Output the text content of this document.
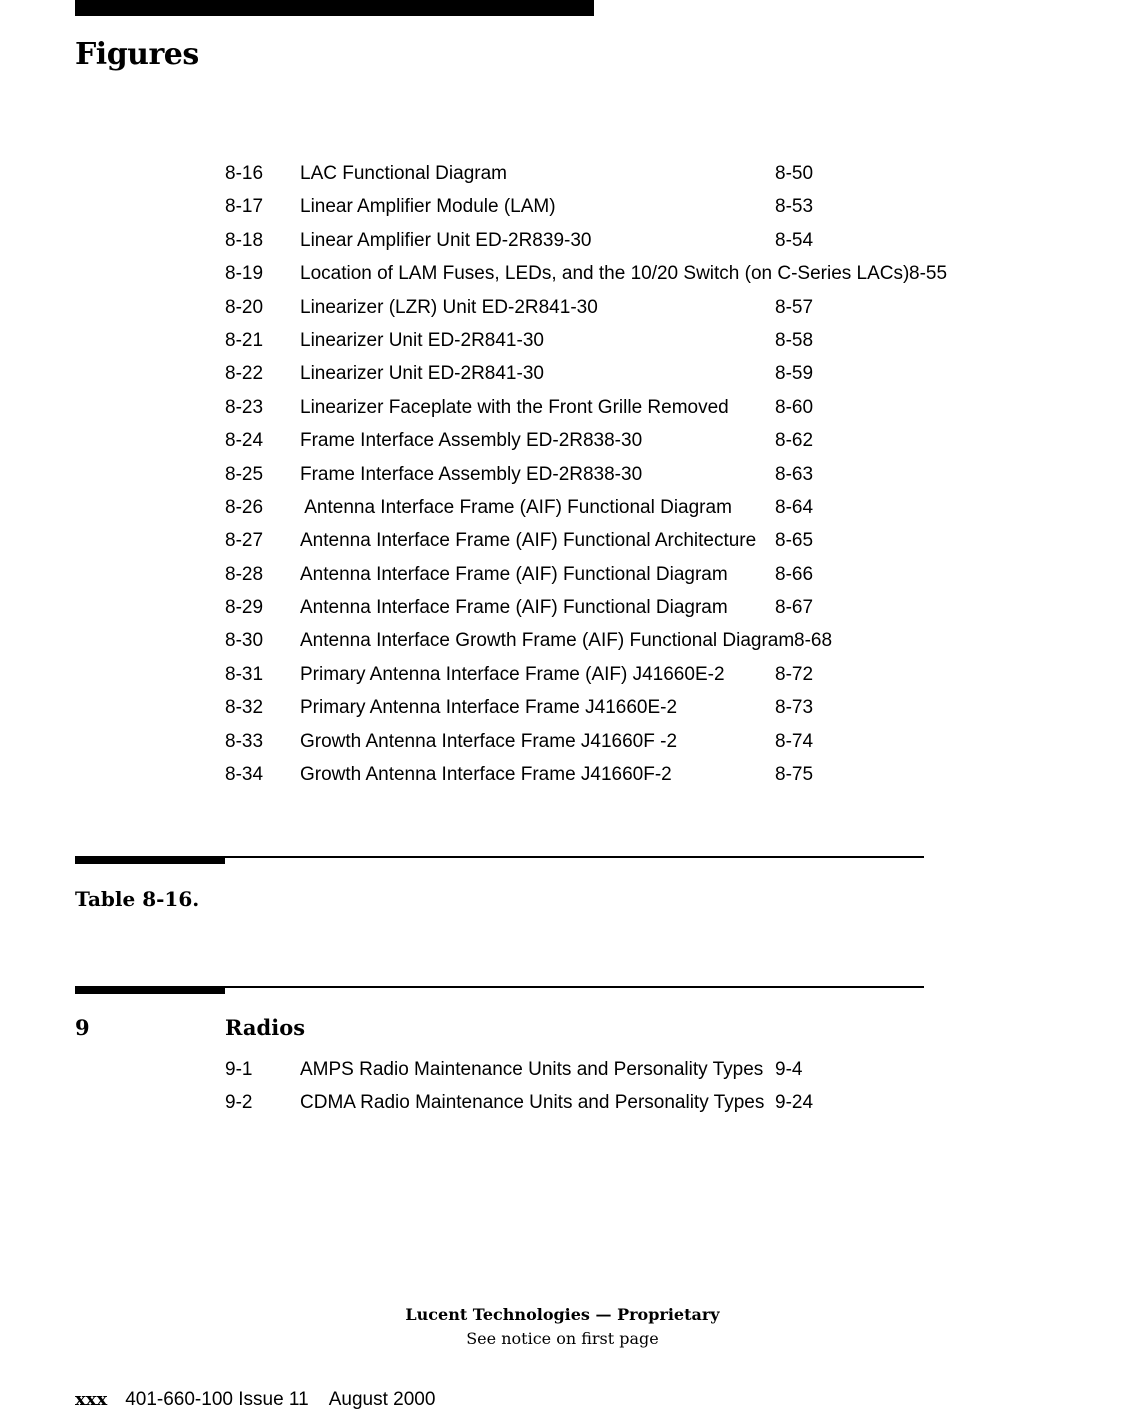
Figures
8-16 LAC Functional Diagram	8-50
8-17 Linear Amplifier Module (LAM)	8-53
8-18 Linear Amplifier Unit ED-2R839-30	8-54
8-19 Location of LAM Fuses, LEDs, and the 10/20 Switch (on C-Series LACs) 8-55
8-20 Linearizer (LZR) Unit ED-2R841-30	8-57
8-21 Linearizer Unit ED-2R841-30	8-58
8-22 Linearizer Unit ED-2R841-30	8-59
8-23 Linearizer Faceplate with the Front Grille Removed 8-60
8-24 Frame Interface Assembly ED-2R838-30	8-62
8-25 Frame Interface Assembly ED-2R838-30	8-63
8-26 Antenna Interface Frame (AIF) Functional Diagram 8-64
8-27 Antenna Interface Frame (AIF) Functional Architecture 8-65
8-28 Antenna Interface Frame (AIF) Functional Diagram 8-66
8-29 Antenna Interface Frame (AIF) Functional Diagram 8-67
8-30 Antenna Interface Growth Frame (AIF) Functional Diagram 8-68
8-31 Primary Antenna Interface Frame (AIF) J41660E-2	8-72
8-32 Primary Antenna Interface Frame J41660E-2	8-73
8-33 Growth Antenna Interface Frame J41660F -2	8-74
8-34 Growth Antenna Interface Frame J41660F-2	8-75
Table 8-16.
9	Radios
9-1	AMPS Radio Maintenance Units and Personality Types 9-4
9-2	CDMA Radio Maintenance Units and Personality Types 9-24
Lucent Technologies — Proprietary
See notice on first page
xxx 401-660-100 Issue 11    August 2000
